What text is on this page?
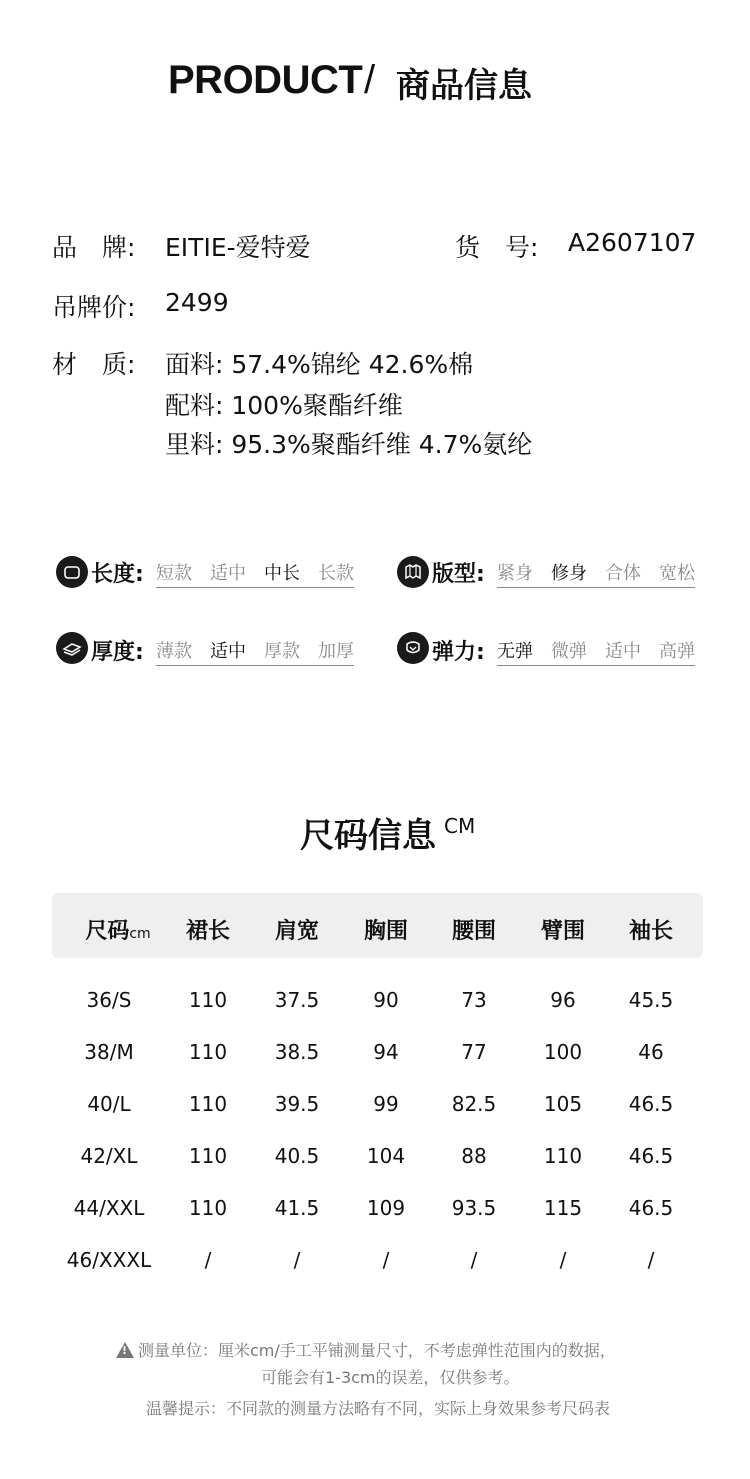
PRODUCT / 商品信息
品　牌: EITIE-爱特爱	货　号: A2607107
吊牌价: 2499
材　质: 面料: 57.4%锦纶 42.6%棉
配料: 100%聚酯纤维
里料: 95.3%聚酯纤维 4.7%氨纶
长度: 短款 适中 中长 长款	版型: 紧身 修身 合体 宽松
厚度: 薄款 适中 厚款 加厚	弹力: 无弹 微弹 适中 高弹
尺码信息 CM
尺码cm	裙长	肩宽	胸围	腰围	臂围	袖长
36/S	110	37.5	90	73	96	45.5
38/M	110	38.5	94	77	100	46
40/L	110	39.5	99	82.5	105	46.5
42/XL	110	40.5	104	88	110	46.5
44/XXL	110	41.5	109	93.5	115	46.5
46/XXXL	/	/	/	/	/	/
!测量单位：厘米cm/手工平铺测量尺寸，不考虑弹性范围内的数据，
可能会有1-3cm的误差，仅供参考。
温馨提示：不同款的测量方法略有不同，实际上身效果参考尺码表
